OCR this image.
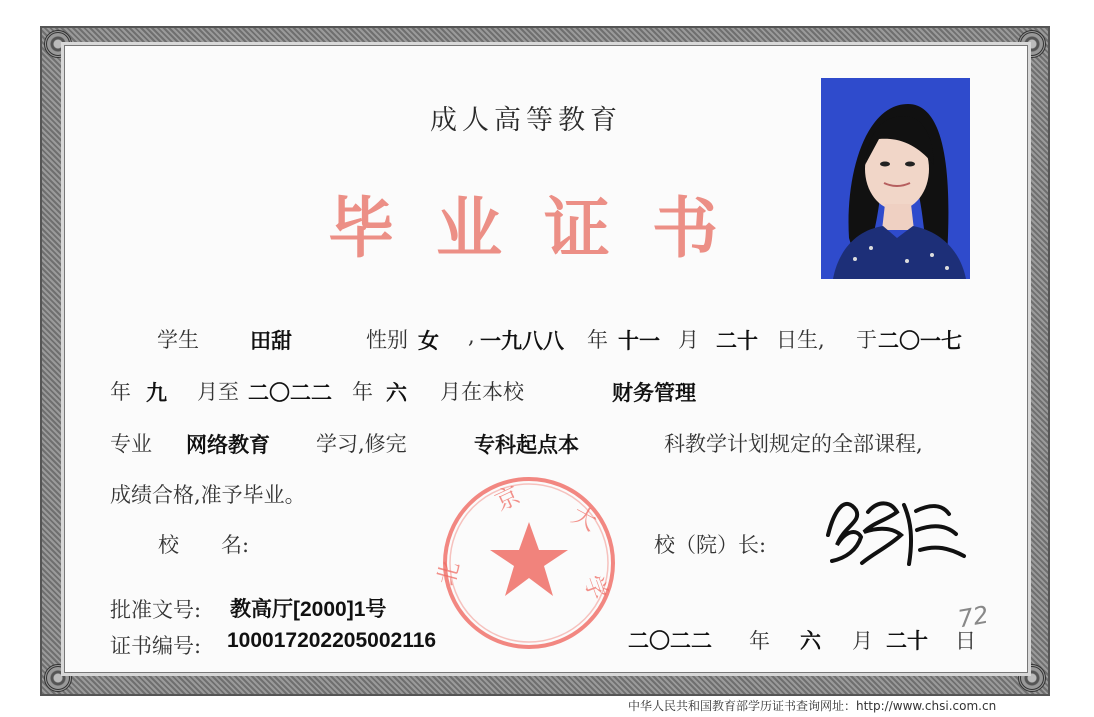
成人高等教育
毕业证书
学生 田甜	性别 女 , 一九八八 年 十一 月 二十 日生, 于 二〇一七
年 九 月至 二〇二二 年 六 月在本校	财务管理
专业 网络教育 学习,修完	专科起点本	科教学计划规定的全部课程,
成绩合格,准予毕业。
校　　名:	校（院）长:
批准文号: 教高厅[2000]1号
证书编号: 100017202205002116	二〇二二 年 六 月 二十 日
京
大
北	学
72
中华人民共和国教育部学历证书查询网址：http://www.chsi.com.cn
